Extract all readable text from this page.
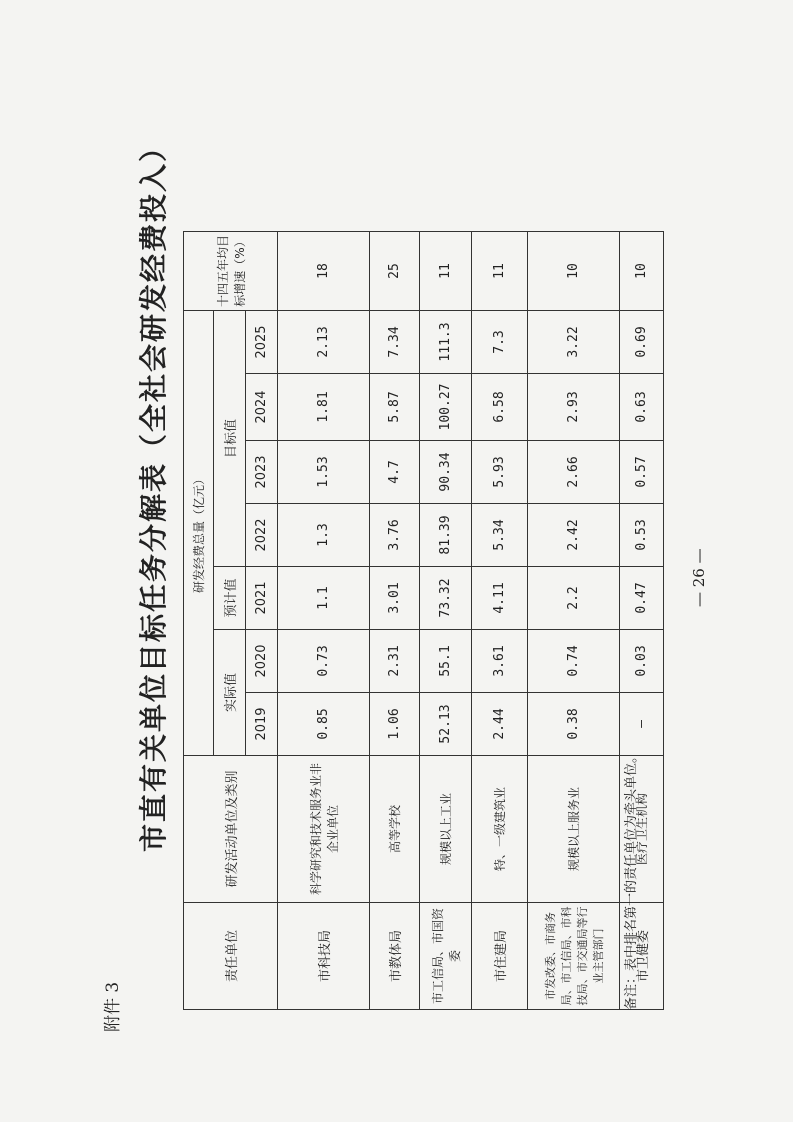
附件 3
市直有关单位目标任务分解表（全社会研发经费投入）
责任单位	研发活动单位及类别	研发经费总量（亿元）							十四五年均目标增速（%）
		实际值		预计值	目标值				
		2019	2020	2021	2022	2023	2024	2025	
市科技局	科学研究和技术服务业非企业单位	0.85	0.73	1.1	1.3	1.53	1.81	2.13	18
市教体局	高等学校	1.06	2.31	3.01	3.76	4.7	5.87	7.34	25
市工信局、市国资委	规模以上工业	52.13	55.1	73.32	81.39	90.34	100.27	111.3	11
市住建局	特、一级建筑业	2.44	3.61	4.11	5.34	5.93	6.58	7.3	11
市发改委、市商务局、市工信局、市科技局、市交通局等行业主管部门	规模以上服务业	0.38	0.74	2.2	2.42	2.66	2.93	3.22	10
市卫健委	医疗卫生机构	—	0.03	0.47	0.53	0.57	0.63	0.69	10
备注：表中排名第一的责任单位为牵头单位。
— 26 —
